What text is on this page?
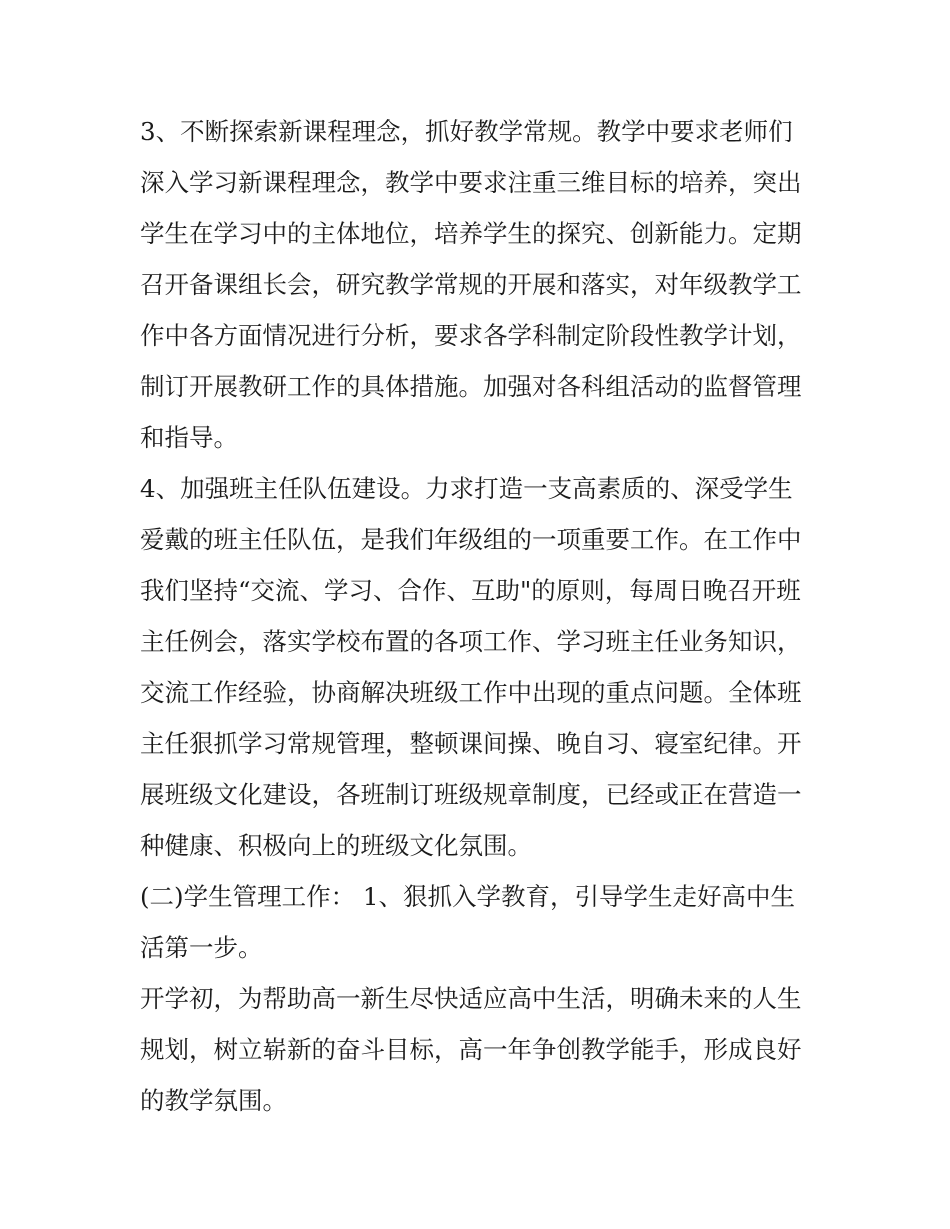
3、不断探索新课程理念，抓好教学常规。教学中要求老师们
深入学习新课程理念，教学中要求注重三维目标的培养，突出
学生在学习中的主体地位，培养学生的探究、创新能力。定期
召开备课组长会，研究教学常规的开展和落实，对年级教学工
作中各方面情况进行分析，要求各学科制定阶段性教学计划，
制订开展教研工作的具体措施。加强对各科组活动的监督管理
和指导。
4、加强班主任队伍建设。力求打造一支高素质的、深受学生
爱戴的班主任队伍，是我们年级组的一项重要工作。在工作中
我们坚持“交流、学习、合作、互助"的原则，每周日晚召开班
主任例会，落实学校布置的各项工作、学习班主任业务知识，
交流工作经验，协商解决班级工作中出现的重点问题。全体班
主任狠抓学习常规管理，整顿课间操、晚自习、寝室纪律。开
展班级文化建设，各班制订班级规章制度，已经或正在营造一
种健康、积极向上的班级文化氛围。
(二)学生管理工作： 1、狠抓入学教育，引导学生走好高中生
活第一步。
开学初，为帮助高一新生尽快适应高中生活，明确未来的人生
规划，树立崭新的奋斗目标，高一年争创教学能手，形成良好
的教学氛围。
